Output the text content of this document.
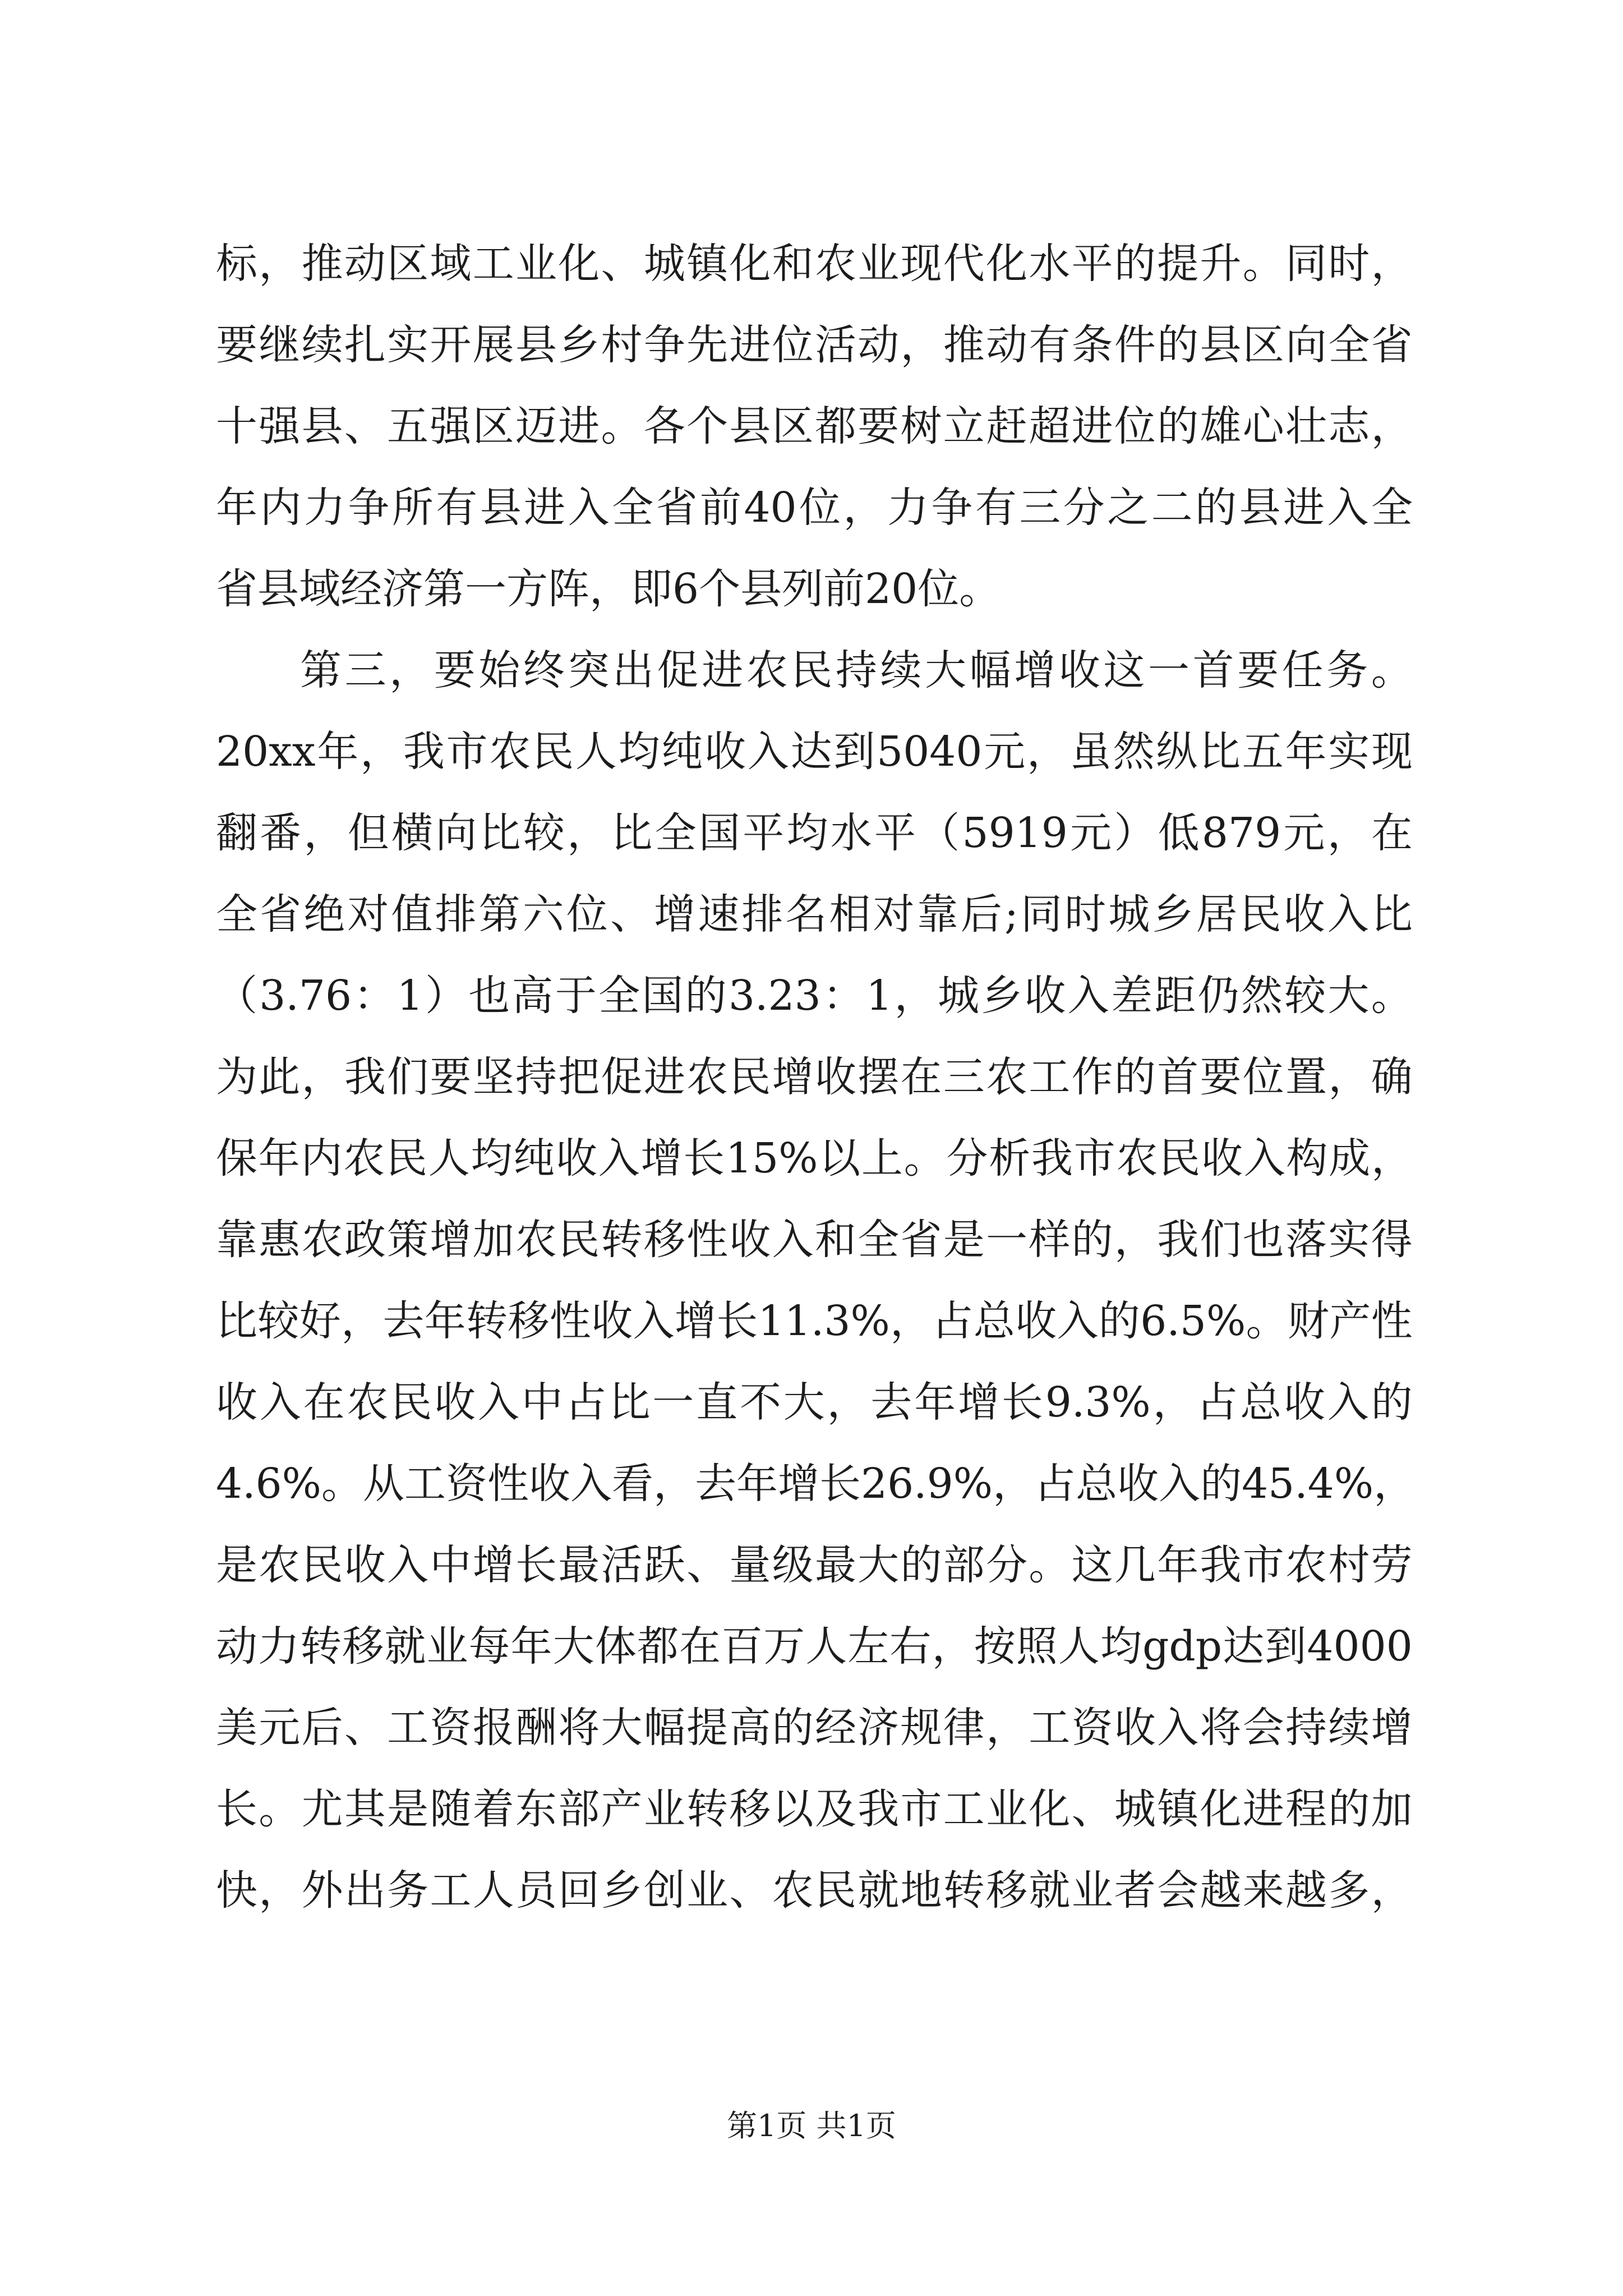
标 ， 推 动 区 域 工 业 化 、 城 镇 化 和 农 业 现 代 化 水 平 的 提 升 。 同 时 ，
要 继 续 扎 实 开 展 县 乡 村 争 先 进 位 活 动 ， 推 动 有 条 件 的 县 区 向 全 省
十 强 县 、 五 强 区 迈 进 。 各 个 县 区 都 要 树 立 赶 超 进 位 的 雄 心 壮 志 ，
年 内 力 争 所 有 县 进 入 全 省 前 40 位 ， 力 争 有 三 分 之 二 的 县 进 入 全
省县域经济第一方阵，即6个县列前20位。
第 三 ， 要 始 终 突 出 促 进 农 民 持 续 大 幅 增 收 这 一 首 要 任 务 。
20xx 年 ， 我 市 农 民 人 均 纯 收 入 达 到 5040 元 ， 虽 然 纵 比 五 年 实 现
翻 番 ， 但 横 向 比 较 ， 比 全 国 平 均 水 平 （ 5919 元 ） 低 879 元 ， 在
全 省 绝 对 值 排 第 六 位 、 增 速 排 名 相 对 靠 后 ; 同 时 城 乡 居 民 收 入 比
（ 3.76 ： 1 ） 也 高 于 全 国 的 3.23 ： 1 ， 城 乡 收 入 差 距 仍 然 较 大 。
为 此 ， 我 们 要 坚 持 把 促 进 农 民 增 收 摆 在 三 农 工 作 的 首 要 位 置 ， 确
保 年 内 农 民 人 均 纯 收 入 增 长 15% 以 上 。 分 析 我 市 农 民 收 入 构 成 ，
靠 惠 农 政 策 增 加 农 民 转 移 性 收 入 和 全 省 是 一 样 的 ， 我 们 也 落 实 得
比 较 好 ， 去 年 转 移 性 收 入 增 长 11.3% ， 占 总 收 入 的 6.5% 。 财 产 性
收 入 在 农 民 收 入 中 占 比 一 直 不 大 ， 去 年 增 长 9.3% ， 占 总 收 入 的
4.6% 。 从 工 资 性 收 入 看 ， 去 年 增 长 26.9% ， 占 总 收 入 的 45.4% ，
是 农 民 收 入 中 增 长 最 活 跃 、 量 级 最 大 的 部 分 。 这 几 年 我 市 农 村 劳
动 力 转 移 就 业 每 年 大 体 都 在 百 万 人 左 右 ， 按 照 人 均 gdp 达 到 4000
美 元 后 、 工 资 报 酬 将 大 幅 提 高 的 经 济 规 律 ， 工 资 收 入 将 会 持 续 增
长 。 尤 其 是 随 着 东 部 产 业 转 移 以 及 我 市 工 业 化 、 城 镇 化 进 程 的 加
快 ， 外 出 务 工 人 员 回 乡 创 业 、 农 民 就 地 转 移 就 业 者 会 越 来 越 多 ，
第1页 共1页
